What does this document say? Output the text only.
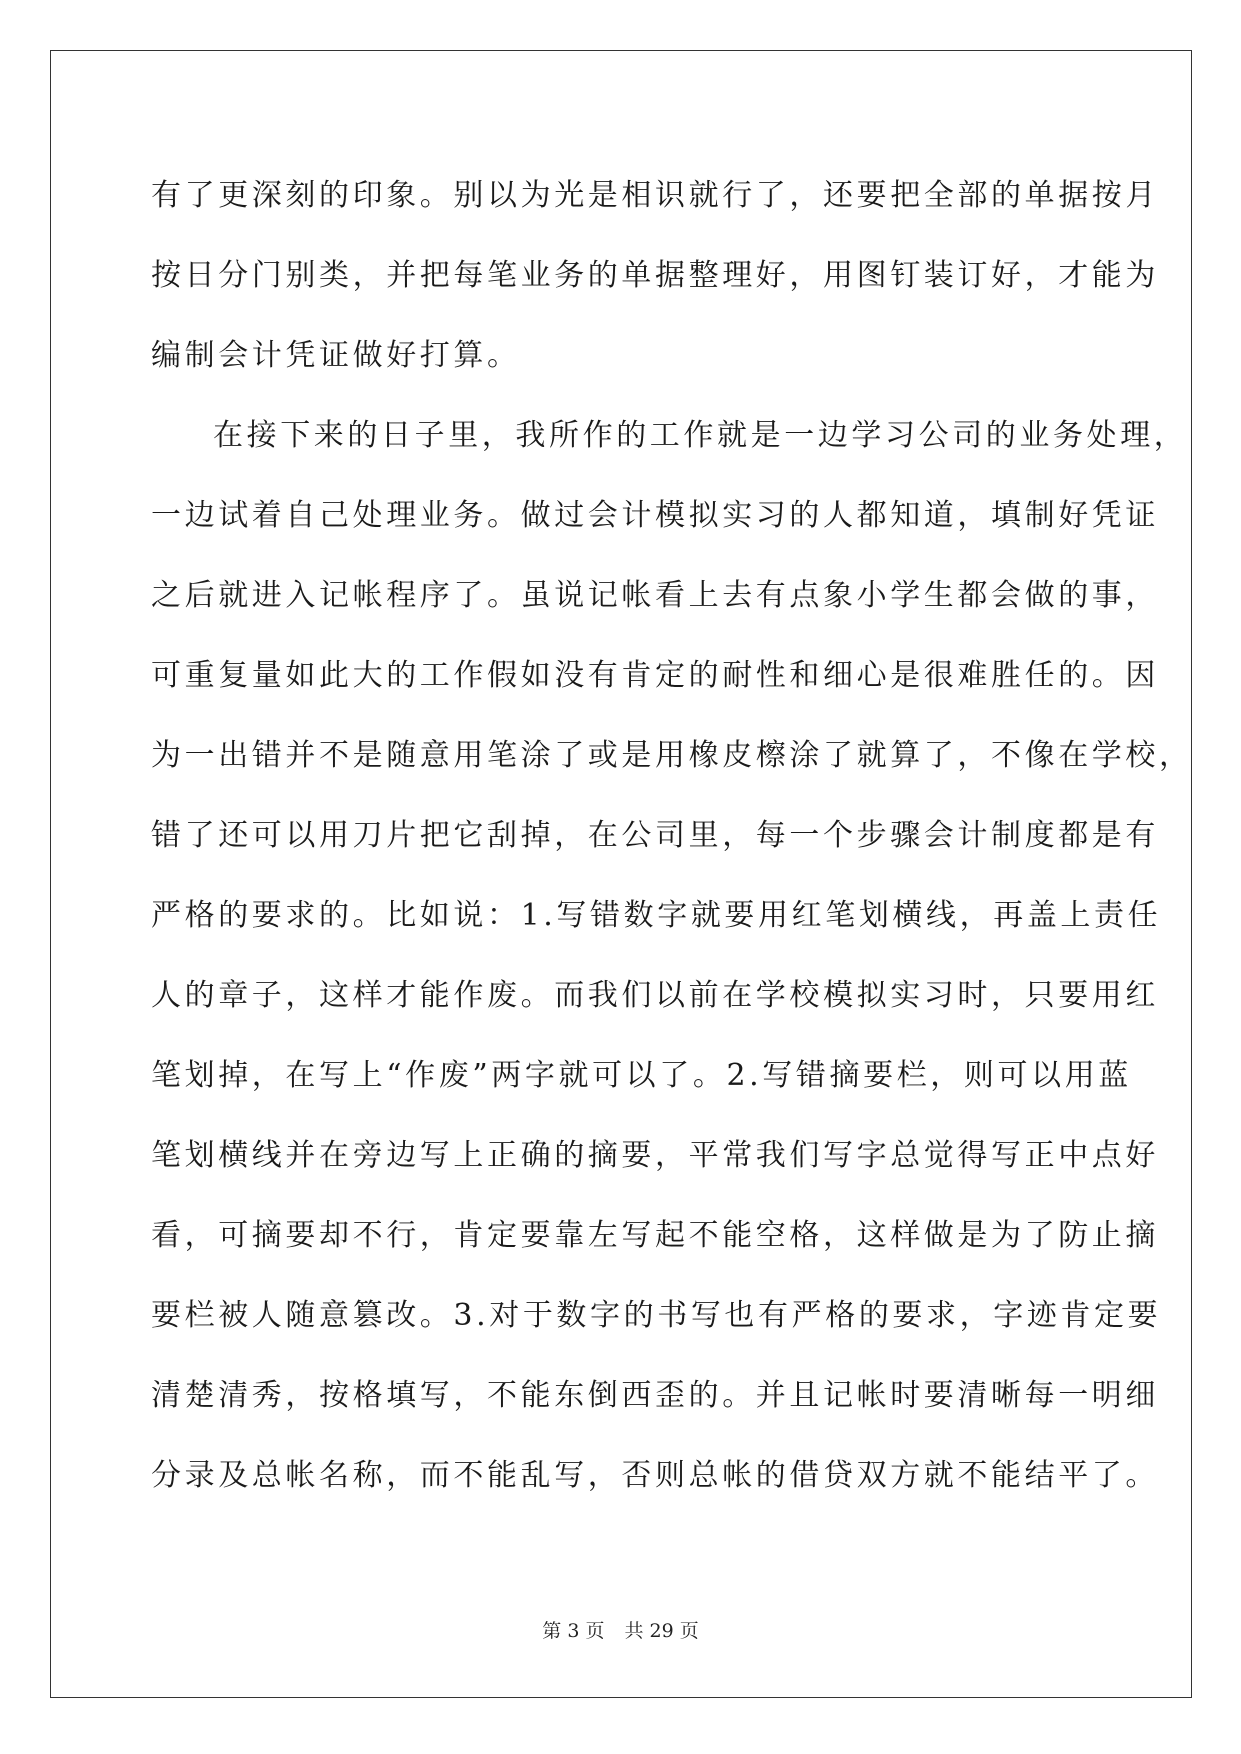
有了更深刻的印象。别以为光是相识就行了，还要把全部的单据按月
按日分门别类，并把每笔业务的单据整理好，用图钉装订好，才能为
编制会计凭证做好打算。
在接下来的日子里，我所作的工作就是一边学习公司的业务处理，
一边试着自己处理业务。做过会计模拟实习的人都知道，填制好凭证
之后就进入记帐程序了。虽说记帐看上去有点象小学生都会做的事，
可重复量如此大的工作假如没有肯定的耐性和细心是很难胜任的。因
为一出错并不是随意用笔涂了或是用橡皮檫涂了就算了，不像在学校，
错了还可以用刀片把它刮掉，在公司里，每一个步骤会计制度都是有
严格的要求的。比如说：1.写错数字就要用红笔划横线，再盖上责任
人的章子，这样才能作废。而我们以前在学校模拟实习时，只要用红
笔划掉，在写上“作废”两字就可以了。2.写错摘要栏，则可以用蓝
笔划横线并在旁边写上正确的摘要，平常我们写字总觉得写正中点好
看，可摘要却不行，肯定要靠左写起不能空格，这样做是为了防止摘
要栏被人随意篡改。3.对于数字的书写也有严格的要求，字迹肯定要
清楚清秀，按格填写，不能东倒西歪的。并且记帐时要清晰每一明细
分录及总帐名称，而不能乱写，否则总帐的借贷双方就不能结平了。
第 3 页 共 29 页
